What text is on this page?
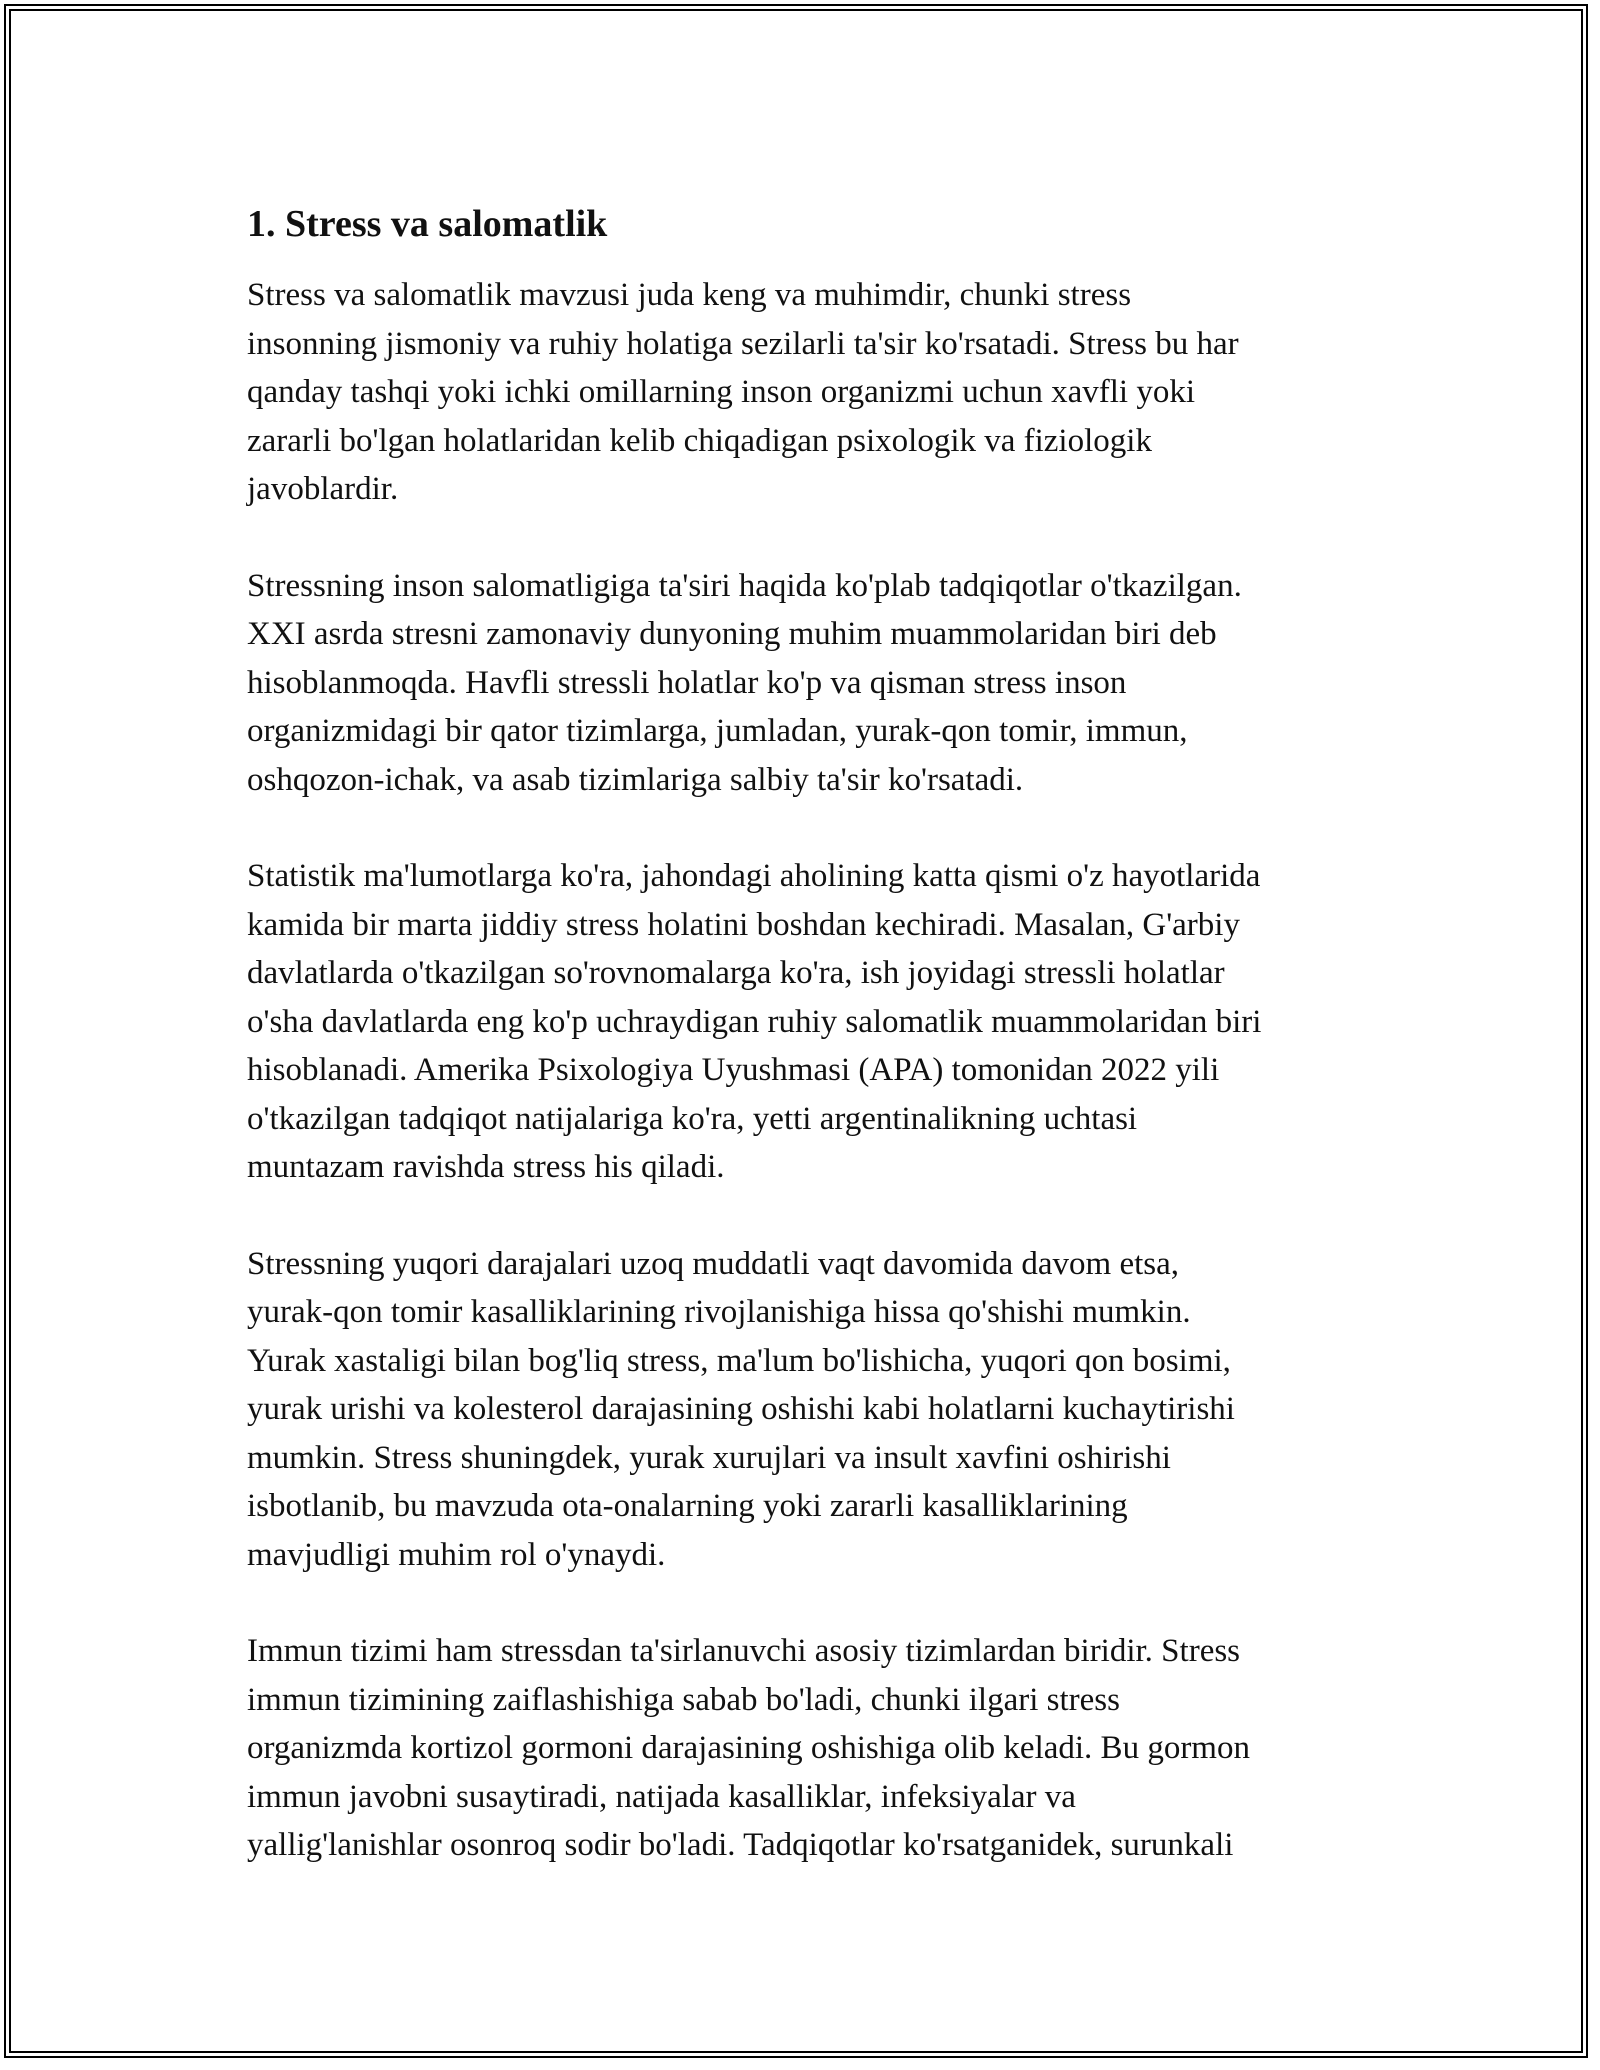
1. Stress va salomatlik

Stress va salomatlik mavzusi juda keng va muhimdir, chunki stress
insonning jismoniy va ruhiy holatiga sezilarli ta'sir ko'rsatadi. Stress bu har
qanday tashqi yoki ichki omillarning inson organizmi uchun xavfli yoki
zararli bo'lgan holatlaridan kelib chiqadigan psixologik va fiziologik
javoblardir.

Stressning inson salomatligiga ta'siri haqida ko'plab tadqiqotlar o'tkazilgan.
XXI asrda stresni zamonaviy dunyoning muhim muammolaridan biri deb
hisoblanmoqda. Havfli stressli holatlar ko'p va qisman stress inson
organizmidagi bir qator tizimlarga, jumladan, yurak-qon tomir, immun,
oshqozon-ichak, va asab tizimlariga salbiy ta'sir ko'rsatadi.

Statistik ma'lumotlarga ko'ra, jahondagi aholining katta qismi o'z hayotlarida
kamida bir marta jiddiy stress holatini boshdan kechiradi. Masalan, G'arbiy
davlatlarda o'tkazilgan so'rovnomalarga ko'ra, ish joyidagi stressli holatlar
o'sha davlatlarda eng ko'p uchraydigan ruhiy salomatlik muammolaridan biri
hisoblanadi. Amerika Psixologiya Uyushmasi (APA) tomonidan 2022 yili
o'tkazilgan tadqiqot natijalariga ko'ra, yetti argentinalikning uchtasi
muntazam ravishda stress his qiladi.

Stressning yuqori darajalari uzoq muddatli vaqt davomida davom etsa,
yurak-qon tomir kasalliklarining rivojlanishiga hissa qo'shishi mumkin.
Yurak xastaligi bilan bog'liq stress, ma'lum bo'lishicha, yuqori qon bosimi,
yurak urishi va kolesterol darajasining oshishi kabi holatlarni kuchaytirishi
mumkin. Stress shuningdek, yurak xurujlari va insult xavfini oshirishi
isbotlanib, bu mavzuda ota-onalarning yoki zararli kasalliklarining
mavjudligi muhim rol o'ynaydi.

Immun tizimi ham stressdan ta'sirlanuvchi asosiy tizimlardan biridir. Stress
immun tizimining zaiflashishiga sabab bo'ladi, chunki ilgari stress
organizmda kortizol gormoni darajasining oshishiga olib keladi. Bu gormon
immun javobni susaytiradi, natijada kasalliklar, infeksiyalar va
yallig'lanishlar osonroq sodir bo'ladi. Tadqiqotlar ko'rsatganidek, surunkali
